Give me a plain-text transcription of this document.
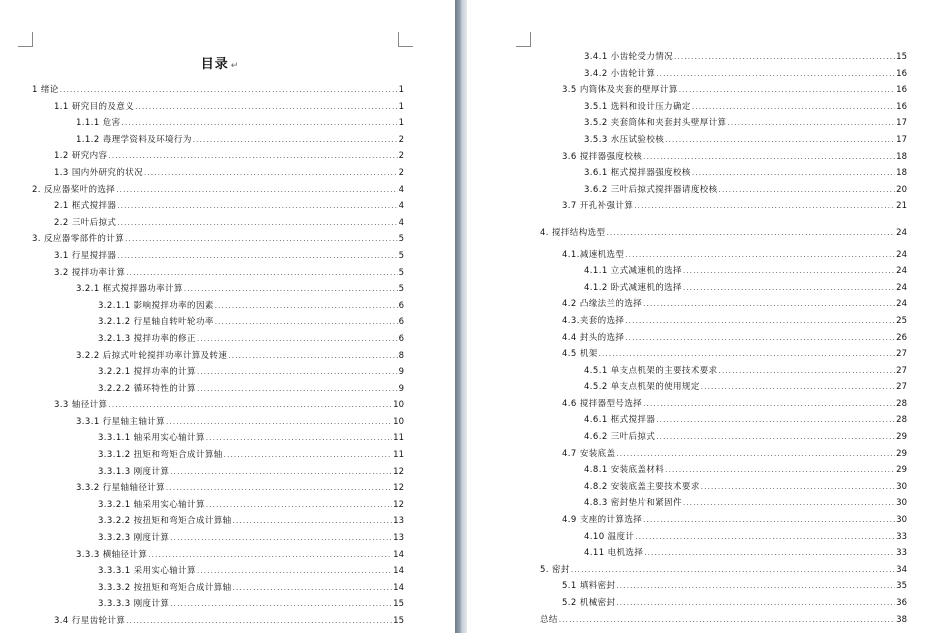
目录 ↵
1 绪论 .....	1
1.1 研究目的及意义 .....	1
1.1.1 危害 .....	1
1.1.2 毒理学资料及环境行为 .....	2
1.2 研究内容 .....	2
1.3 国内外研究的状况 .....	2
2. 反应器桨叶的选择 .....	4
2.1 框式搅拌器 .....	4
2.2 三叶后掠式 .....	4
3. 反应器零部件的计算 .....	5
3.1 行星搅拌器 .....	5
3.2 搅拌功率计算 .....	5
3.2.1 框式搅拌器功率计算 .....	5
3.2.1.1 影响搅拌功率的因素 .....	6
3.2.1.2 行星轴自转叶轮功率 .....	6
3.2.1.3 搅拌功率的修正 .....	6
3.2.2 后掠式叶轮搅拌功率计算及转速 .....	8
3.2.2.1 搅拌功率的计算 .....	9
3.2.2.2 循环特性的计算 .....	9
3.3 轴径计算 .....	10
3.3.1 行星轴主轴计算 .....	10
3.3.1.1 轴采用实心轴计算 .....	11
3.3.1.2 扭矩和弯矩合成计算轴 .....	11
3.3.1.3 刚度计算 .....	12
3.3.2 行星轴轴径计算 .....	12
3.3.2.1 轴采用实心轴计算 .....	12
3.3.2.2 按扭矩和弯矩合成计算轴 .....	13
3.3.2.3 刚度计算 .....	13
3.3.3 横轴径计算 .....	14
3.3.3.1 采用实心轴计算 .....	14
3.3.3.2 按扭矩和弯矩合成计算轴 .....	14
3.3.3.3 刚度计算 .....	15
3.4 行星齿轮计算 .....	15
3.4.1 小齿轮受力情况 .....	15
3.4.2 小齿轮计算 .....	16
3.5 内筒体及夹套的壁厚计算 .....	16
3.5.1 选料和设计压力确定 .....	16
3.5.2 夹套筒体和夹套封头壁厚计算 .....	17
3.5.3 水压试验校核 .....	17
3.6 搅拌器强度校核 .....	18
3.6.1 框式搅拌器强度校核 .....	18
3.6.2 三叶后掠式搅拌器请度校核 .....	20
3.7 开孔补强计算 .....	21
4. 搅拌结构选型 .....	24
4.1.减速机选型 .....	24
4.1.1 立式减速机的选择 .....	24
4.1.2 卧式减速机的选择 .....	24
4.2 凸缘法兰的选择 .....	24
4.3.夹套的选择 .....	25
4.4 封头的选择 .....	26
4.5 机架 .....	27
4.5.1 单支点机架的主要技术要求 .....	27
4.5.2 单支点机架的使用规定 .....	27
4.6 搅拌器型号选择 .....	28
4.6.1 框式搅拌器 .....	28
4.6.2 三叶后掠式 .....	29
4.7 安装底盖 .....	29
4.8.1 安装底盖材料 .....	29
4.8.2 安装底盖主要技术要求 .....	30
4.8.3 密封垫片和紧固件 .....	30
4.9 支座的计算选择 .....	30
4.10 温度计 .....	33
4.11 电机选择 .....	33
5. 密封 .....	34
5.1 填料密封 .....	35
5.2 机械密封 .....	36
总结 .....	38
